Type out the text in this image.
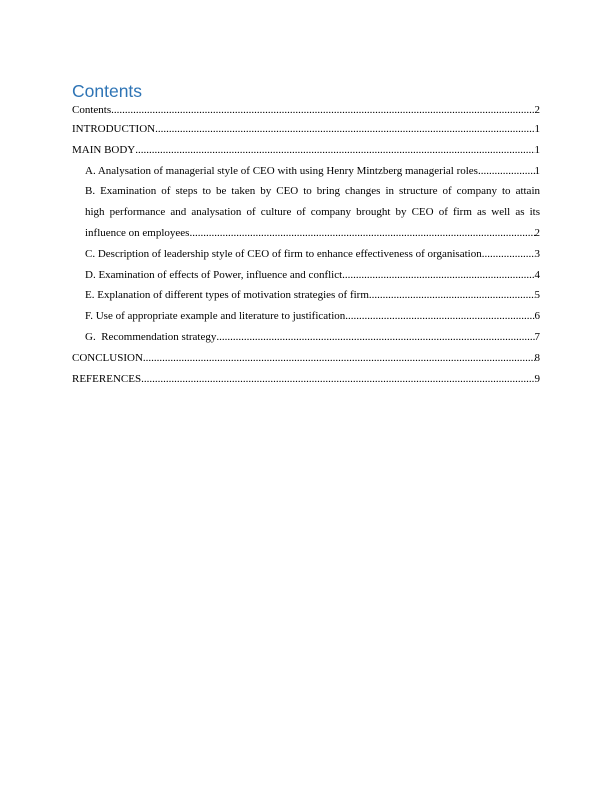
Contents
Contents .....	2
INTRODUCTION .....	1
MAIN BODY .....	1
A. Analysation of managerial style of CEO with using Henry Mintzberg managerial roles .....	1
B. Examination of steps to be taken by CEO to bring changes in structure of company to attain
high performance and analysation of culture of company brought by CEO of firm as well as its
influence on employees .....	2
C. Description of leadership style of CEO of firm to enhance effectiveness of organisation .....	3
D. Examination of effects of Power, influence and conflict .....	4
E. Explanation of different types of motivation strategies of firm .....	5
F. Use of appropriate example and literature to justification .....	6
G.  Recommendation strategy .....	7
CONCLUSION .....	8
REFERENCES .....	9
